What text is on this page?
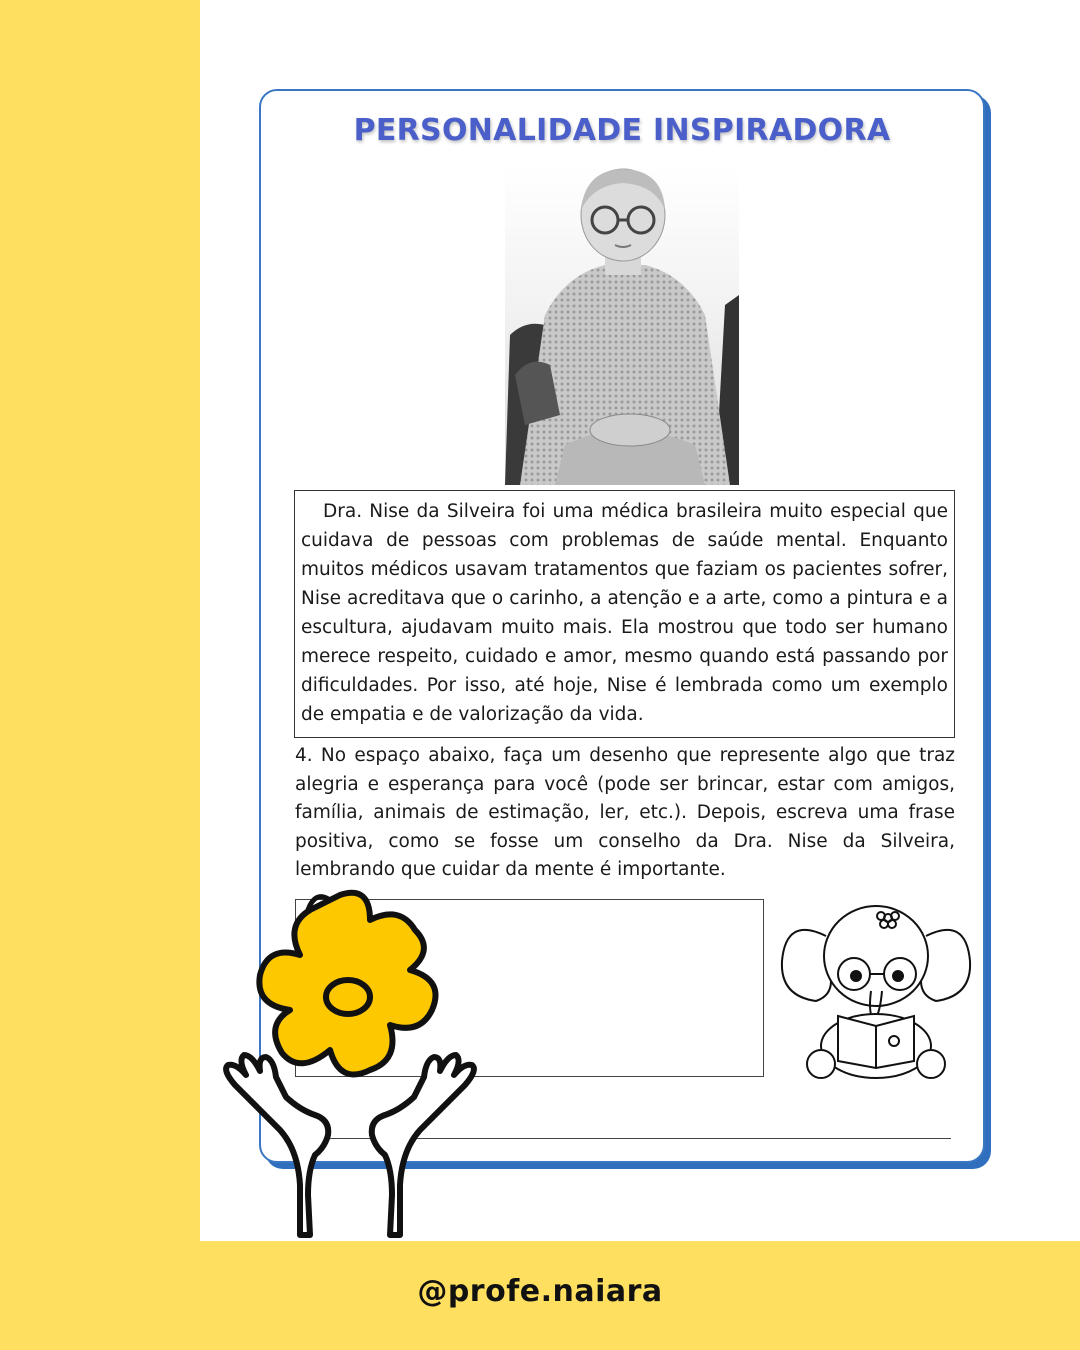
PERSONALIDADE INSPIRADORA

Dra. Nise da Silveira foi uma médica brasileira muito especial que cuidava de pessoas com problemas de saúde mental. Enquanto muitos médicos usavam tratamentos que faziam os pacientes sofrer, Nise acreditava que o carinho, a atenção e a arte, como a pintura e a escultura, ajudavam muito mais. Ela mostrou que todo ser humano merece respeito, cuidado e amor, mesmo quando está passando por dificuldades. Por isso, até hoje, Nise é lembrada como um exemplo de empatia e de valorização da vida.

4. No espaço abaixo, faça um desenho que represente algo que traz alegria e esperança para você (pode ser brincar, estar com amigos, família, animais de estimação, ler, etc.). Depois, escreva uma frase positiva, como se fosse um conselho da Dra. Nise da Silveira, lembrando que cuidar da mente é importante.

@profe.naiara
